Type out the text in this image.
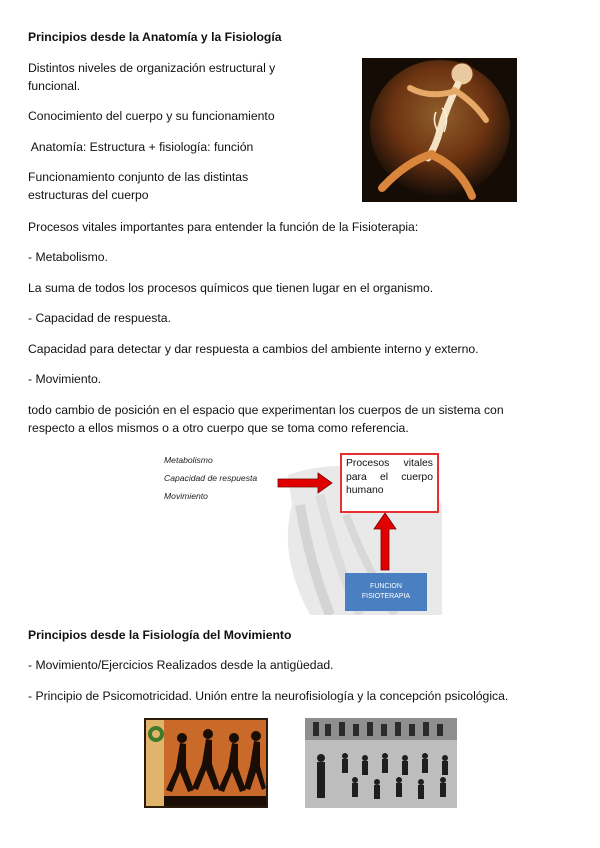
Principios desde la Anatomía y la Fisiología

Distintos niveles de organización estructural y funcional.

Conocimiento del cuerpo y su funcionamiento

Anatomía: Estructura + fisiología: función

Funcionamiento conjunto de las distintas estructuras del cuerpo

Procesos vitales importantes para entender la función de la Fisioterapia:

- Metabolismo.

La suma de todos los procesos químicos que tienen lugar en el organismo.

- Capacidad de respuesta.

Capacidad para detectar y dar respuesta a cambios del ambiente interno y externo.

- Movimiento.

todo cambio de posición en el espacio que experimentan los cuerpos de un sistema con respecto a ellos mismos o a otro cuerpo que se toma como referencia.

Metabolismo
Capacidad de respuesta
Movimiento
Procesos vitales para el cuerpo humano
FUNCION FISIOTERAPIA

Principios desde la Fisiología del Movimiento

- Movimiento/Ejercicios Realizados desde la antigüedad.

- Principio de Psicomotricidad. Unión entre la neurofisiología y la concepción psicológica.
